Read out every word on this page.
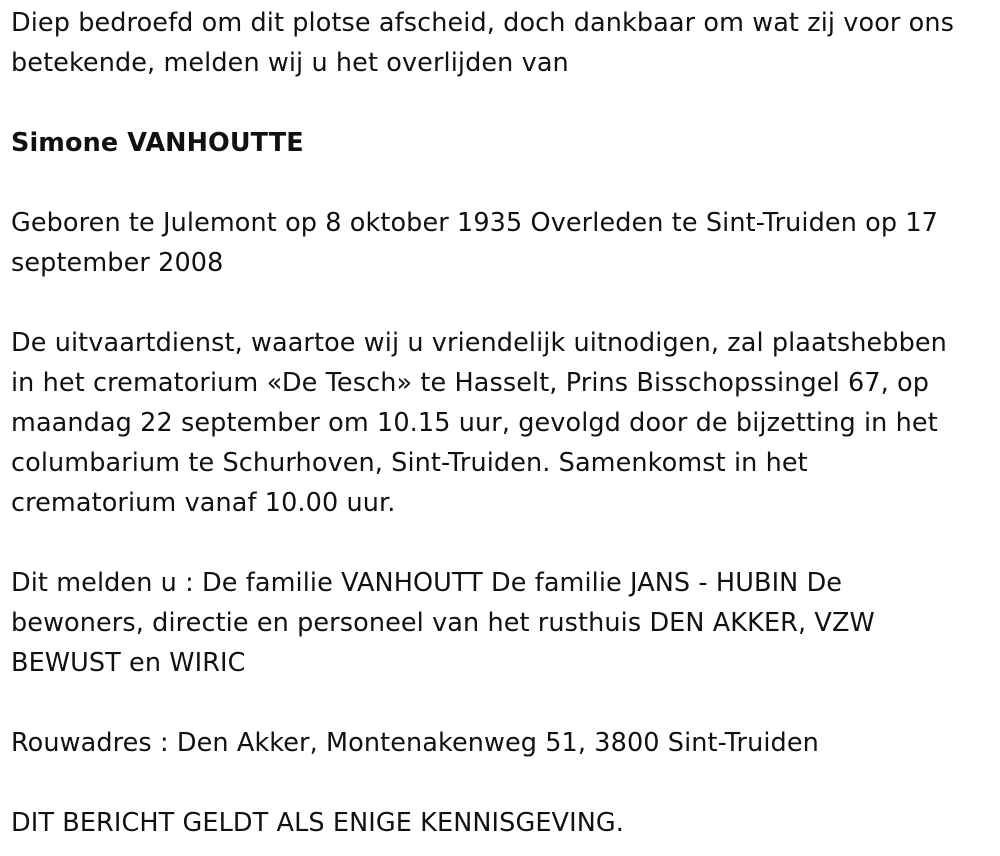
Diep bedroefd om dit plotse afscheid, doch dankbaar om wat zij voor ons betekende, melden wij u het overlijden van

Simone VANHOUTTE

Geboren te Julemont op 8 oktober 1935 Overleden te Sint-Truiden op 17 september 2008

De uitvaartdienst, waartoe wij u vriendelijk uitnodigen, zal plaatshebben in het crematorium «De Tesch» te Hasselt, Prins Bisschopssingel 67, op maandag 22 september om 10.15 uur, gevolgd door de bijzetting in het columbarium te Schurhoven, Sint-Truiden. Samenkomst in het crematorium vanaf 10.00 uur.

Dit melden u : De familie VANHOUTT De familie JANS - HUBIN De bewoners, directie en personeel van het rusthuis DEN AKKER, VZW BEWUST en WIRIC

Rouwadres : Den Akker, Montenakenweg 51, 3800 Sint-Truiden

DIT BERICHT GELDT ALS ENIGE KENNISGEVING.
